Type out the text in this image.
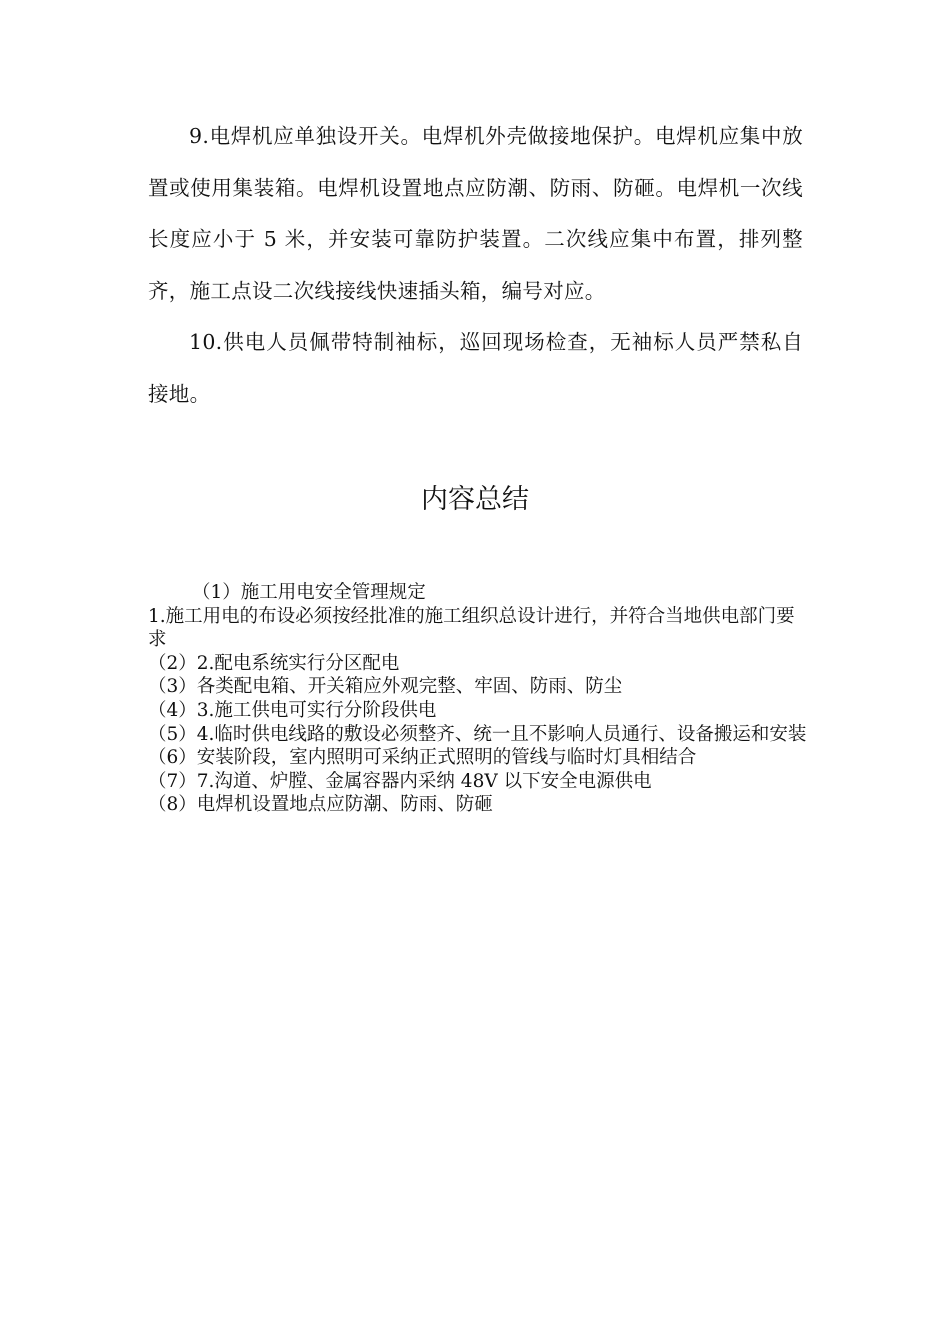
9.电焊机应单独设开关。电焊机外壳做接地保护。电焊机应集中放置或使用集装箱。电焊机设置地点应防潮、防雨、防砸。电焊机一次线长度应小于 5 米，并安装可靠防护装置。二次线应集中布置，排列整齐，施工点设二次线接线快速插头箱，编号对应。

10.供电人员佩带特制袖标，巡回现场检查，无袖标人员严禁私自接地。

内容总结

（1）施工用电安全管理规定

1.施工用电的布设必须按经批准的施工组织总设计进行，并符合当地供电部门要求

（2）2.配电系统实行分区配电

（3）各类配电箱、开关箱应外观完整、牢固、防雨、防尘

（4）3.施工供电可实行分阶段供电

（5）4.临时供电线路的敷设必须整齐、统一且不影响人员通行、设备搬运和安装

（6）安装阶段，室内照明可采纳正式照明的管线与临时灯具相结合

（7）7.沟道、炉膛、金属容器内采纳 48V 以下安全电源供电

（8）电焊机设置地点应防潮、防雨、防砸
